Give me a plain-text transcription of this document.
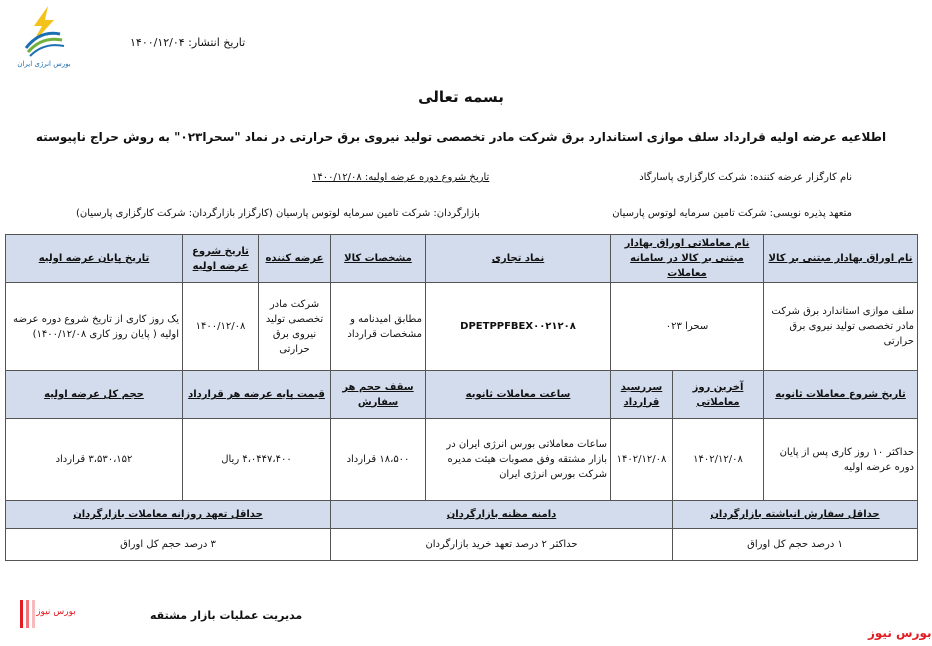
بورس انرژی ایران
تاریخ انتشار: ۱۴۰۰/۱۲/۰۴
بسمه تعالی
اطلاعیه عرضه اولیه قرارداد سلف موازی استاندارد برق شرکت مادر تخصصی تولید نیروی برق حرارتی در نماد "سحرا۰۲۳" به روش حراج ناپیوسته
نام کارگزار عرضه کننده: شرکت کارگزاری پاسارگاد
تاریخ شروع دوره عرضه اولیه: ۱۴۰۰/۱۲/۰۸
متعهد پذیره نویسی: شرکت تامین سرمایه لوتوس پارسیان
بازارگردان: شرکت تامین سرمایه لوتوس پارسیان (کارگزار بازارگردان: شرکت کارگزاری پارسیان)
نام اوراق بهادار مبتنی بر کالا	نام معاملاتی اوراق بهادار مبتنی بر کالا در سامانه معاملات		نماد تجاری	مشخصات کالا	عرضه کننده	تاریخ شروع عرضه اولیه	تاریخ پایان عرضه اولیه
سلف موازی استاندارد برق شرکت مادر تخصصی تولید نیروی برق حرارتی	سحرا ۰۲۳		DPETPPFBEX۰۰۲۱۲۰۸	مطابق امیدنامه و مشخصات قرارداد	شرکت مادر تخصصی تولید نیروی برق حرارتی	۱۴۰۰/۱۲/۰۸	یک روز کاری از تاریخ شروع دوره عرضه اولیه ( پایان روز کاری ۱۴۰۰/۱۲/۰۸)
تاریخ شروع معاملات ثانویه	آخرین روز معاملاتی	سررسید قرارداد	ساعت معاملات ثانویه	سقف حجم هر سفارش	قیمت پایه عرضه هر قرارداد		حجم کل عرضه اولیه
حداکثر ۱۰ روز کاری پس از پایان دوره عرضه اولیه	۱۴۰۲/۱۲/۰۸	۱۴۰۲/۱۲/۰۸	ساعات معاملاتی بورس انرژی ایران در بازار مشتقه وفق مصوبات هیئت مدیره شرکت بورس انرژی ایران	۱۸،۵۰۰ قرارداد	۴،۰۴۴۷،۴۰۰ ریال		۳،۵۳۰،۱۵۲ قرارداد
حداقل سفارش انباشته بازارگردان		دامنه مظنه بازارگردان			حداقل تعهد روزانه معاملات بازارگردان		
۱ درصد حجم کل اوراق		حداکثر ۲ درصد تعهد خرید بازارگردان			۳ درصد حجم کل اوراق		
مدیریت عملیات بازار مشتقه
بورس نیوز
بورس نیوز
